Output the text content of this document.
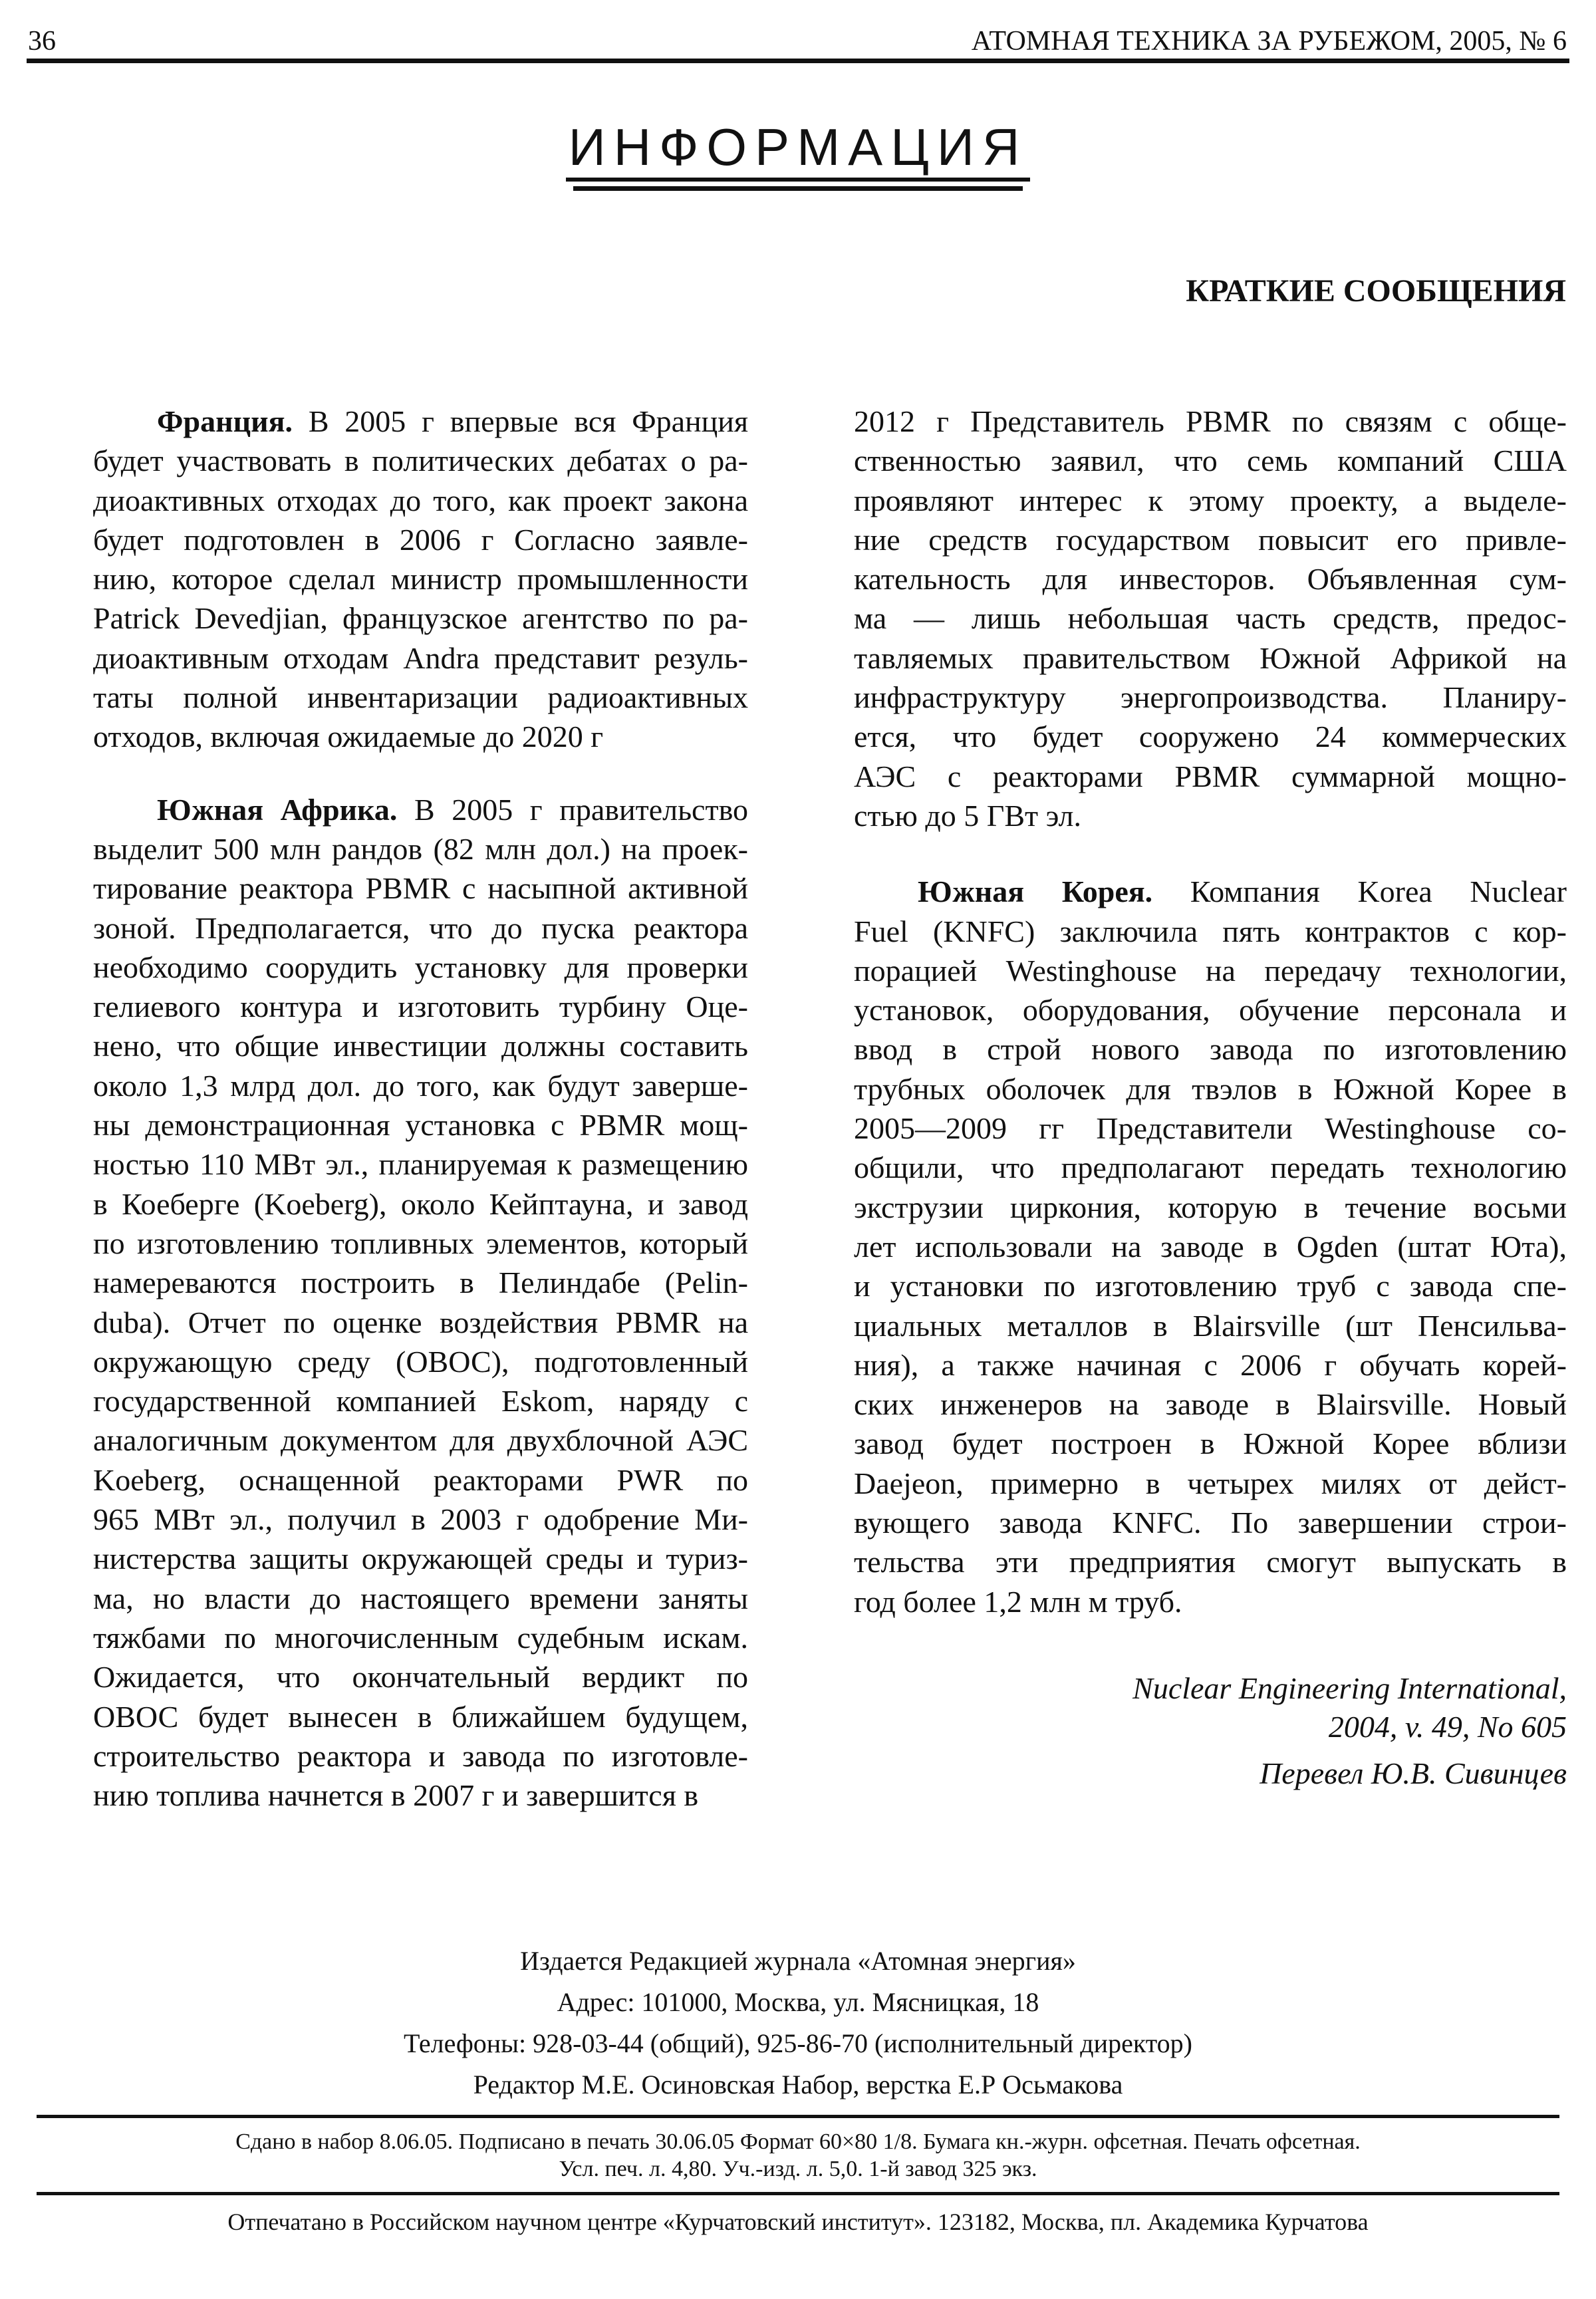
36	АТОМНАЯ ТЕХНИКА ЗА РУБЕЖОМ, 2005, № 6
ИНФОРМАЦИЯ
КРАТКИЕ СООБЩЕНИЯ
Франция. В 2005 г впервые вся Франция
будет участвовать в политических дебатах о ра-
диоактивных отходах до того, как проект закона
будет подготовлен в 2006 г Согласно заявле-
нию, которое сделал министр промышленности
Patrick Devedjian, французское агентство по ра-
диоактивным отходам Andra представит резуль-
таты полной инвентаризации радиоактивных
отходов, включая ожидаемые до 2020 г
Южная Африка. В 2005 г правительство
выделит 500 млн рандов (82 млн дол.) на проек-
тирование реактора PBMR с насыпной активной
зоной. Предполагается, что до пуска реактора
необходимо соорудить установку для проверки
гелиевого контура и изготовить турбину Оце-
нено, что общие инвестиции должны составить
около 1,3 млрд дол. до того, как будут заверше-
ны демонстрационная установка с PBMR мощ-
ностью 110 МВт эл., планируемая к размещению
в Коеберге (Koeberg), около Кейптауна, и завод
по изготовлению топливных элементов, который
намереваются построить в Пелиндабе (Pelin-
duba). Отчет по оценке воздействия PBMR на
окружающую среду (ОВОС), подготовленный
государственной компанией Eskom, наряду с
аналогичным документом для двухблочной АЭС
Koeberg, оснащенной реакторами PWR по
965 МВт эл., получил в 2003 г одобрение Ми-
нистерства защиты окружающей среды и туриз-
ма, но власти до настоящего времени заняты
тяжбами по многочисленным судебным искам.
Ожидается, что окончательный вердикт по
ОВОС будет вынесен в ближайшем будущем,
строительство реактора и завода по изготовле-
нию топлива начнется в 2007 г и завершится в
2012 г Представитель PBMR по связям с обще-
ственностью заявил, что семь компаний США
проявляют интерес к этому проекту, а выделе-
ние средств государством повысит его привле-
кательность для инвесторов. Объявленная сум-
ма — лишь небольшая часть средств, предос-
тавляемых правительством Южной Африкой на
инфраструктуру энергопроизводства. Планиру-
ется, что будет сооружено 24 коммерческих
АЭС с реакторами PBMR суммарной мощно-
стью до 5 ГВт эл.
Южная Корея. Компания Korea Nuclear
Fuel (KNFC) заключила пять контрактов с кор-
порацией Westinghouse на передачу технологии,
установок, оборудования, обучение персонала и
ввод в строй нового завода по изготовлению
трубных оболочек для твэлов в Южной Корее в
2005—2009 гг Представители Westinghouse со-
общили, что предполагают передать технологию
экструзии циркония, которую в течение восьми
лет использовали на заводе в Ogden (штат Юта),
и установки по изготовлению труб с завода спе-
циальных металлов в Blairsville (шт Пенсильва-
ния), а также начиная с 2006 г обучать корей-
ских инженеров на заводе в Blairsville. Новый
завод будет построен в Южной Корее вблизи
Daejeon, примерно в четырех милях от дейст-
вующего завода KNFC. По завершении строи-
тельства эти предприятия смогут выпускать в
год более 1,2 млн м труб.
Nuclear Engineering International,
2004, v. 49, No 605
Перевел Ю.В. Сивинцев
Издается Редакцией журнала «Атомная энергия»
Адрес: 101000, Москва, ул. Мясницкая, 18
Телефоны: 928-03-44 (общий), 925-86-70 (исполнительный директор)
Редактор М.Е. Осиновская Набор, верстка Е.Р Осьмакова
Сдано в набор 8.06.05. Подписано в печать 30.06.05 Формат 60×80 1/8. Бумага кн.-журн. офсетная. Печать офсетная.
Усл. печ. л. 4,80. Уч.-изд. л. 5,0. 1-й завод 325 экз.
Отпечатано в Российском научном центре «Курчатовский институт». 123182, Москва, пл. Академика Курчатова
